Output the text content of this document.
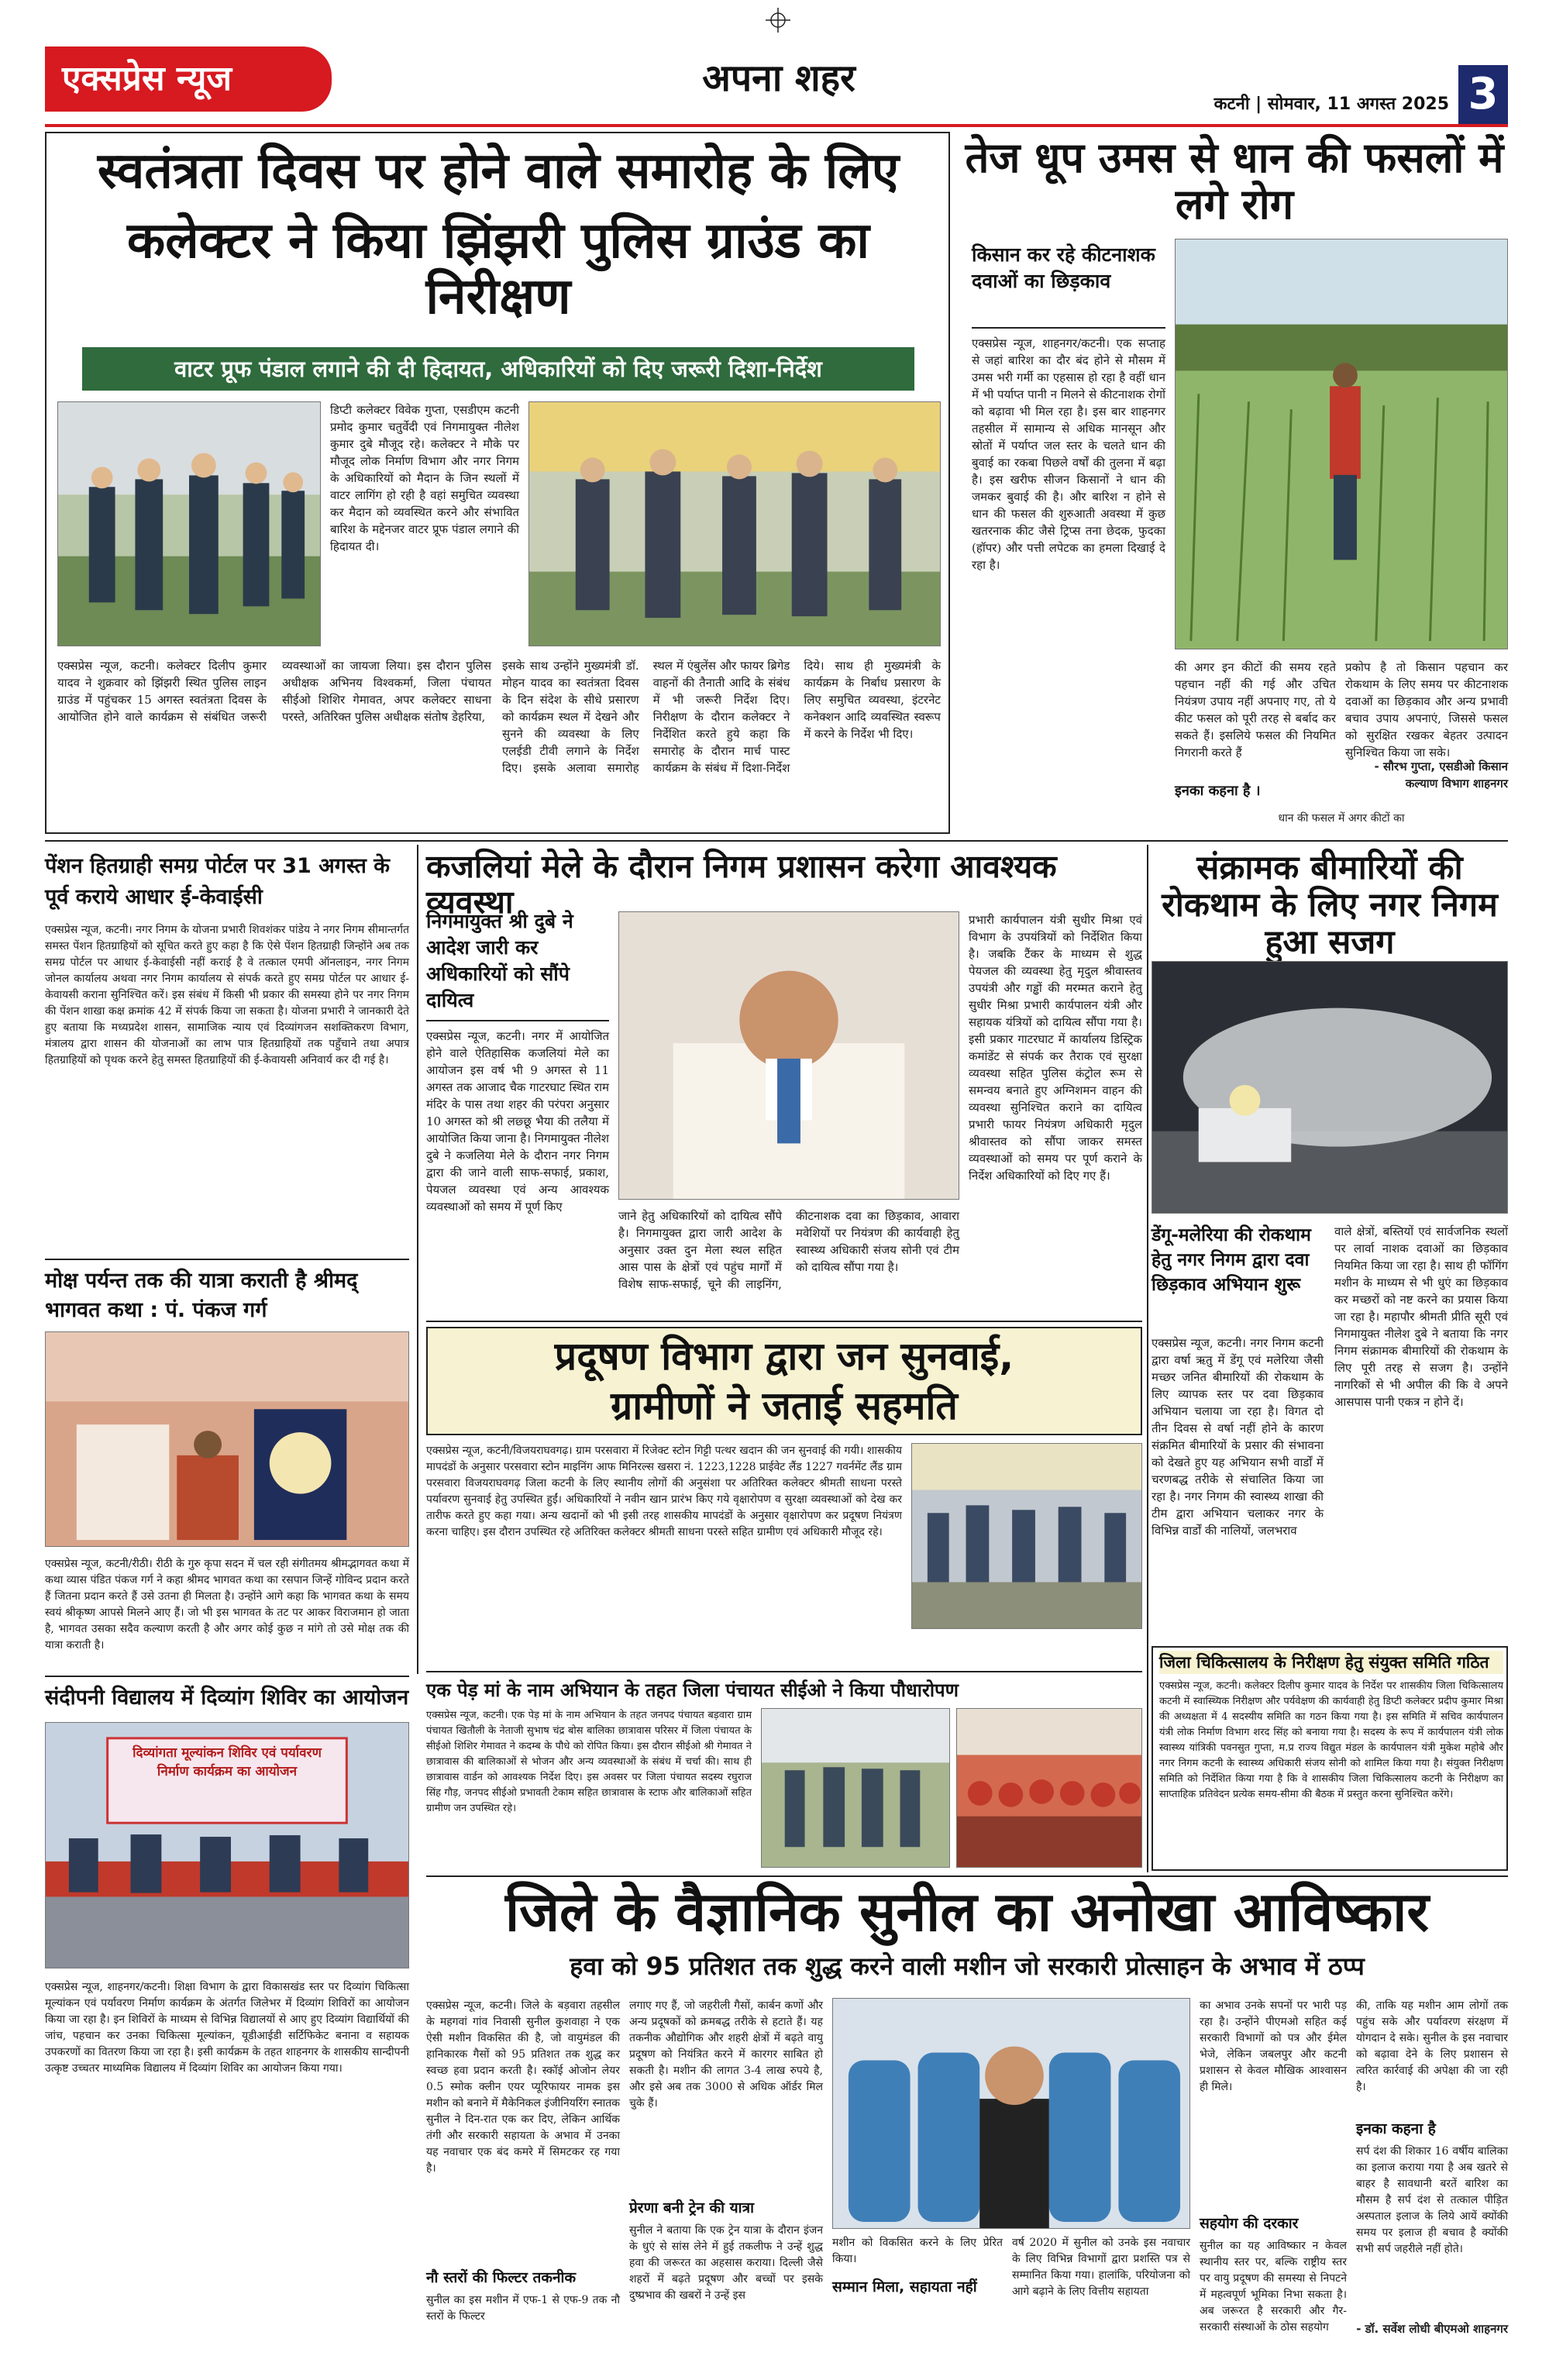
एक्सप्रेस न्यूज	अपना शहर
कटनी | सोमवार, 11 अगस्त 2025 3
स्वतंत्रता दिवस पर होने वाले समारोह के लिए
कलेक्टर ने किया झिंझरी पुलिस ग्राउंड का निरीक्षण
वाटर प्रूफ पंडाल लगाने की दी हिदायत, अधिकारियों को दिए जरूरी दिशा-निर्देश
डिप्टी कलेक्टर विवेक गुप्ता, एसडीएम कटनी प्रमोद कुमार चतुर्वेदी एवं निगमायुक्त नीलेश कुमार दुबे मौजूद रहे। कलेक्टर ने मौके पर मौजूद लोक निर्माण विभाग और नगर निगम के अधिकारियों को मैदान के जिन स्थलों में वाटर लागिंग हो रही है वहां समुचित व्यवस्था कर मैदान को व्यवस्थित करने और संभावित बारिश के मद्देनजर वाटर प्रूफ पंडाल लगाने की हिदायत दी।
एक्सप्रेस न्यूज, कटनी। कलेक्टर दिलीप कुमार यादव ने शुक्रवार को झिंझरी स्थित पुलिस लाइन ग्राउंड में पहुंचकर 15 अगस्त स्वतंत्रता दिवस के आयोजित होने वाले कार्यक्रम से संबंधित जरूरी व्यवस्थाओं का जायजा लिया। इस दौरान पुलिस अधीक्षक अभिनय विश्वकर्मा, जिला पंचायत सीईओ शिशिर गेमावत, अपर कलेक्टर साधना परस्ते, अतिरिक्त पुलिस अधीक्षक संतोष डेहरिया,
इसके साथ उन्होंने मुख्यमंत्री डॉ. मोहन यादव का स्वतंत्रता दिवस के दिन संदेश के सीधे प्रसारण को कार्यक्रम स्थल में देखने और सुनने की व्यवस्था के लिए एलईडी टीवी लगाने के निर्देश दिए। इसके अलावा समारोह स्थल में एंबुलेंस और फायर ब्रिगेड वाहनों की तैनाती आदि के संबंध में भी जरूरी निर्देश दिए। निरीक्षण के दौरान कलेक्टर ने निर्देशित करते हुये कहा कि समारोह के दौरान मार्च पास्ट कार्यक्रम के संबंध में दिशा-निर्देश दिये। साथ ही मुख्यमंत्री के कार्यक्रम के निर्बाध प्रसारण के लिए समुचित व्यवस्था, इंटरनेट कनेक्शन आदि व्यवस्थित स्वरूप में करने के निर्देश भी दिए।
तेज धूप उमस से धान की फसलों में लगे रोग
किसान कर रहे कीटनाशक दवाओं का छिड़काव
एक्सप्रेस न्यूज, शाहनगर/कटनी। एक सप्ताह से जहां बारिश का दौर बंद होने से मौसम में उमस भरी गर्मी का एहसास हो रहा है वहीं धान में भी पर्याप्त पानी न मिलने से कीटनाशक रोगों को बढ़ावा भी मिल रहा है। इस बार शाहनगर तहसील में सामान्य से अधिक मानसून और स्रोतों में पर्याप्त जल स्तर के चलते धान की बुवाई का रकबा पिछले वर्षों की तुलना में बढ़ा है। इस खरीफ सीजन किसानों ने धान की जमकर बुवाई की है। और बारिश न होने से धान की फसल की शुरुआती अवस्था में कुछ खतरनाक कीट जैसे ट्रिप्स तना छेदक, फुदका (हॉपर) और पत्ती लपेटक का हमला दिखाई दे रहा है।
की अगर इन कीटों की समय रहते पहचान नहीं की गई और उचित नियंत्रण उपाय नहीं अपनाए गए, तो ये कीट फसल को पूरी तरह से बर्बाद कर सकते हैं। इसलिये फसल की नियमित निगरानी करते हैं
प्रकोप है तो किसान पहचान कर रोकथाम के लिए समय पर कीटनाशक दवाओं का छिड़काव और अन्य प्रभावी बचाव उपाय अपनाएं, जिससे फसल को सुरक्षित रखकर बेहतर उत्पादन सुनिश्चित किया जा सके।
इनका कहना है ।
- सौरभ गुप्ता, एसडीओ किसान कल्याण विभाग शाहनगर
धान की फसल में अगर कीटों का
पेंशन हितग्राही समग्र पोर्टल पर 31 अगस्त के पूर्व कराये आधार ई-केवाईसी
एक्सप्रेस न्यूज, कटनी। नगर निगम के योजना प्रभारी शिवशंकर पांडेय ने नगर निगम सीमान्तर्गत समस्त पेंशन हितग्राहियों को सूचित करते हुए कहा है कि ऐसे पेंशन हितग्राही जिन्होंने अब तक समग्र पोर्टल पर आधार ई-केवाईसी नहीं कराई है वे तत्काल एमपी ऑनलाइन, नगर निगम जोनल कार्यालय अथवा नगर निगम कार्यालय से संपर्क करते हुए समग्र पोर्टल पर आधार ई-केवायसी कराना सुनिश्चित करें। इस संबंध में किसी भी प्रकार की समस्या होने पर नगर निगम की पेंशन शाखा कक्ष क्रमांक 42 में संपर्क किया जा सकता है। योजना प्रभारी ने जानकारी देते हुए बताया कि मध्यप्रदेश शासन, सामाजिक न्याय एवं दिव्यांगजन सशक्तिकरण विभाग, मंत्रालय द्वारा शासन की योजनाओं का लाभ पात्र हितग्राहियों तक पहुँचाने तथा अपात्र हितग्राहियों को पृथक करने हेतु समस्त हितग्राहियों की ई-केवायसी अनिवार्य कर दी गई है।
मोक्ष पर्यन्त तक की यात्रा कराती है श्रीमद् भागवत कथा : पं. पंकज गर्ग
एक्सप्रेस न्यूज, कटनी/रीठी। रीठी के गुरु कृपा सदन में चल रही संगीतमय श्रीमद्भागवत कथा में कथा व्यास पंडित पंकज गर्ग ने कहा श्रीमद भागवत कथा का रसपान जिन्हें गोविन्द प्रदान करते हैं जितना प्रदान करते हैं उसे उतना ही मिलता है। उन्होंने आगे कहा कि भागवत कथा के समय स्वयं श्रीकृष्ण आपसे मिलने आए हैं। जो भी इस भागवत के तट पर आकर विराजमान हो जाता है, भागवत उसका सदैव कल्याण करती है और अगर कोई कुछ न मांगे तो उसे मोक्ष तक की यात्रा कराती है।
संदीपनी विद्यालय में दिव्यांग शिविर का आयोजन
दिव्यांगता मूल्यांकन शिविर एवं पर्यावरण निर्माण कार्यक्रम का आयोजन
एक्सप्रेस न्यूज, शाहनगर/कटनी। शिक्षा विभाग के द्वारा विकासखंड स्तर पर दिव्यांग चिकित्सा मूल्यांकन एवं पर्यावरण निर्माण कार्यक्रम के अंतर्गत जिलेभर में दिव्यांग शिविरों का आयोजन किया जा रहा है। इन शिविरों के माध्यम से विभिन्न विद्यालयों से आए हुए दिव्यांग विद्यार्थियों की जांच, पहचान कर उनका चिकित्सा मूल्यांकन, यूडीआईडी सर्टिफिकेट बनाना व सहायक उपकरणों का वितरण किया जा रहा है। इसी कार्यक्रम के तहत शाहनगर के शासकीय सान्दीपनी उत्कृष्ट उच्चतर माध्यमिक विद्यालय में दिव्यांग शिविर का आयोजन किया गया।
कजलियां मेले के दौरान निगम प्रशासन करेगा आवश्यक व्यवस्था
निगमायुक्त श्री दुबे ने आदेश जारी कर अधिकारियों को सौंपे दायित्व
एक्सप्रेस न्यूज, कटनी। नगर में आयोजित होने वाले ऐतिहासिक कजलियां मेले का आयोजन इस वर्ष भी 9 अगस्त से 11 अगस्त तक आजाद चैक गाटरघाट स्थित राम मंदिर के पास तथा शहर की परंपरा अनुसार 10 अगस्त को श्री लछ्छू भैया की तलैया में आयोजित किया जाना है। निगमायुक्त नीलेश दुबे ने कजलिया मेले के दौरान नगर निगम द्वारा की जाने वाली साफ-सफाई, प्रकाश, पेयजल व्यवस्था एवं अन्य आवश्यक व्यवस्थाओं को समय में पूर्ण किए
जाने हेतु अधिकारियों को दायित्व सौंपे है। निगमायुक्त द्वारा जारी आदेश के अनुसार उक्त दुन मेला स्थल सहित आस पास के क्षेत्रों एवं पहुंच मार्गों में विशेष साफ-सफाई, चूने की लाइनिंग, कीटनाशक दवा का छिड़काव, आवारा मवेशियों पर नियंत्रण की कार्यवाही हेतु स्वास्थ्य अधिकारी संजय सोनी एवं टीम को दायित्व सौंपा गया है।
प्रभारी कार्यपालन यंत्री सुधीर मिश्रा एवं विभाग के उपयंत्रियों को निर्देशित किया है। जबकि टैंकर के माध्यम से शुद्ध पेयजल की व्यवस्था हेतु मृदुल श्रीवास्तव उपयंत्री और गड्ढों की मरम्मत कराने हेतु सुधीर मिश्रा प्रभारी कार्यपालन यंत्री और सहायक यंत्रियों को दायित्व सौंपा गया है। इसी प्रकार गाटरघाट में कार्यालय डिस्ट्रिक कमांडेंट से संपर्क कर तैराक एवं सुरक्षा व्यवस्था सहित पुलिस कंट्रोल रूम से समन्वय बनाते हुए अग्निशमन वाहन की व्यवस्था सुनिश्चित कराने का दायित्व प्रभारी फायर नियंत्रण अधिकारी मृदुल श्रीवास्तव को सौंपा जाकर समस्त व्यवस्थाओं को समय पर पूर्ण कराने के निर्देश अधिकारियों को दिए गए हैं।
प्रदूषण विभाग द्वारा जन सुनवाई,
ग्रामीणों ने जताई सहमति
एक्सप्रेस न्यूज, कटनी/विजयराघवगढ़। ग्राम परसवारा में रिजेक्ट स्टोन गिट्टी पत्थर खदान की जन सुनवाई की गयी। शासकीय मापदंडों के अनुसार परसवारा स्टोन माइनिंग आफ मिनिरल्स खसरा नं. 1223,1228 प्राईवेट लैंड 1227 गवर्नमेंट लैंड ग्राम परसवारा विजयराघवगढ़ जिला कटनी के लिए स्थानीय लोगों की अनुसंशा पर अतिरिक्त कलेक्टर श्रीमती साधना परस्ते पर्यावरण सुनवाई हेतु उपस्थित हुईं। अधिकारियों ने नवीन खान प्रारंभ किए गये वृक्षारोपण व सुरक्षा व्यवस्थाओं को देख कर तारीफ करते हुए कहा गया। अन्य खदानों को भी इसी तरह शासकीय मापदंडों के अनुसार वृक्षारोपण कर प्रदूषण नियंत्रण करना चाहिए। इस दौरान उपस्थित रहे अतिरिक्त कलेक्टर श्रीमती साधना परस्ते सहित ग्रामीण एवं अधिकारी मौजूद रहे।
संक्रामक बीमारियों की रोकथाम के लिए नगर निगम हुआ सजग
डेंगू-मलेरिया की रोकथाम हेतु नगर निगम द्वारा दवा छिड़काव अभियान शुरू
एक्सप्रेस न्यूज, कटनी। नगर निगम कटनी द्वारा वर्षा ऋतु में डेंगू एवं मलेरिया जैसी मच्छर जनित बीमारियों की रोकथाम के लिए व्यापक स्तर पर दवा छिड़काव अभियान चलाया जा रहा है। विगत दो तीन दिवस से वर्षा नहीं होने के कारण संक्रमित बीमारियों के प्रसार की संभावना को देखते हुए यह अभियान सभी वार्डों में चरणबद्ध तरीके से संचालित किया जा रहा है। नगर निगम की स्वास्थ्य शाखा की टीम द्वारा अभियान चलाकर नगर के विभिन्न वार्डों की नालियों, जलभराव
वाले क्षेत्रों, बस्तियों एवं सार्वजनिक स्थलों पर लार्वा नाशक दवाओं का छिड़काव नियमित किया जा रहा है। साथ ही फॉगिंग मशीन के माध्यम से भी धुएं का छिड़काव कर मच्छरों को नष्ट करने का प्रयास किया जा रहा है। महापौर श्रीमती प्रीति सूरी एवं निगमायुक्त नीलेश दुबे ने बताया कि नगर निगम संक्रामक बीमारियों की रोकथाम के लिए पूरी तरह से सजग है। उन्होंने नागरिकों से भी अपील की कि वे अपने आसपास पानी एकत्र न होने दें।
जिला चिकित्सालय के निरीक्षण हेतु संयुक्त समिति गठित
एक्सप्रेस न्यूज, कटनी। कलेक्टर दिलीप कुमार यादव के निर्देश पर शासकीय जिला चिकित्सालय कटनी में स्वास्थ्यिक निरीक्षण और पर्यवेक्षण की कार्यवाही हेतु डिप्टी कलेक्टर प्रदीप कुमार मिश्रा की अध्यक्षता में 4 सदस्यीय समिति का गठन किया गया है। इस समिति में सचिव कार्यपालन यंत्री लोक निर्माण विभाग शरद सिंह को बनाया गया है। सदस्य के रूप में कार्यपालन यंत्री लोक स्वास्थ्य यांत्रिकी पवनसुत गुप्ता, म.प्र राज्य विद्युत मंडल के कार्यपालन यंत्री मुकेश महोबे और नगर निगम कटनी के स्वास्थ्य अधिकारी संजय सोनी को शामिल किया गया है। संयुक्त निरीक्षण समिति को निर्देशित किया गया है कि वे शासकीय जिला चिकित्सालय कटनी के निरीक्षण का साप्ताहिक प्रतिवेदन प्रत्येक समय-सीमा की बैठक में प्रस्तुत करना सुनिश्चित करेंगे।
एक पेड़ मां के नाम अभियान के तहत जिला पंचायत सीईओ ने किया पौधारोपण
एक्सप्रेस न्यूज, कटनी। एक पेड़ मां के नाम अभियान के तहत जनपद पंचायत बड़वारा ग्राम पंचायत खितौली के नेताजी सुभाष चंद्र बोस बालिका छात्रावास परिसर में जिला पंचायत के सीईओ शिशिर गेमावत ने कदम्ब के पौधे को रोपित किया। इस दौरान सीईओ श्री गेमावत ने छात्रावास की बालिकाओं से भोजन और अन्य व्यवस्थाओं के संबंध में चर्चा की। साथ ही छात्रावास वार्डन को आवश्यक निर्देश दिए। इस अवसर पर जिला पंचायत सदस्य रघुराज सिंह गौड़, जनपद सीईओ प्रभावती टेकाम सहित छात्रावास के स्टाफ और बालिकाओं सहित ग्रामीण जन उपस्थित रहे।
जिले के वैज्ञानिक सुनील का अनोखा आविष्कार
हवा को 95 प्रतिशत तक शुद्ध करने वाली मशीन जो सरकारी प्रोत्साहन के अभाव में ठप्प
एक्सप्रेस न्यूज, कटनी। जिले के बड़वारा तहसील के महगवां गांव निवासी सुनील कुशवाहा ने एक ऐसी मशीन विकसित की है, जो वायुमंडल की हानिकारक गैसों को 95 प्रतिशत तक शुद्ध कर स्वच्छ हवा प्रदान करती है। स्कॉई ओजोन लेयर 0.5 स्मोक क्लीन एयर प्यूरिफायर नामक इस मशीन को बनाने में मैकेनिकल इंजीनियरिंग स्नातक सुनील ने दिन-रात एक कर दिए, लेकिन आर्थिक तंगी और सरकारी सहायता के अभाव में उनका यह नवाचार एक बंद कमरे में सिमटकर रह गया है।
नौ स्तरों की फिल्टर तकनीक
सुनील का इस मशीन में एफ-1 से एफ-9 तक नौ स्तरों के फिल्टर
लगाए गए हैं, जो जहरीली गैसों, कार्बन कणों और अन्य प्रदूषकों को क्रमबद्ध तरीके से हटाते हैं। यह तकनीक औद्योगिक और शहरी क्षेत्रों में बढ़ते वायु प्रदूषण को नियंत्रित करने में कारगर साबित हो सकती है। मशीन की लागत 3-4 लाख रुपये है, और इसे अब तक 3000 से अधिक ऑर्डर मिल चुके हैं।
प्रेरणा बनी ट्रेन की यात्रा
सुनील ने बताया कि एक ट्रेन यात्रा के दौरान इंजन के धुएं से सांस लेने में हुई तकलीफ ने उन्हें शुद्ध हवा की जरूरत का अहसास कराया। दिल्ली जैसे शहरों में बढ़ते प्रदूषण और बच्चों पर इसके दुष्प्रभाव की खबरों ने उन्हें इस
मशीन को विकसित करने के लिए प्रेरित किया।
सम्मान मिला, सहायता नहीं
वर्ष 2020 में सुनील को उनके इस नवाचार के लिए विभिन्न विभागों द्वारा प्रशस्ति पत्र से सम्मानित किया गया। हालांकि, परियोजना को आगे बढ़ाने के लिए वित्तीय सहायता
का अभाव उनके सपनों पर भारी पड़ रहा है। उन्होंने पीएमओ सहित कई सरकारी विभागों को पत्र और ईमेल भेजे, लेकिन जबलपुर और कटनी प्रशासन से केवल मौखिक आश्वासन ही मिले।
सहयोग की दरकार
सुनील का यह आविष्कार न केवल स्थानीय स्तर पर, बल्कि राष्ट्रीय स्तर पर वायु प्रदूषण की समस्या से निपटने में महत्वपूर्ण भूमिका निभा सकता है। अब जरूरत है सरकारी और गैर-सरकारी संस्थाओं के ठोस सहयोग
की, ताकि यह मशीन आम लोगों तक पहुंच सके और पर्यावरण संरक्षण में योगदान दे सके। सुनील के इस नवाचार को बढ़ावा देने के लिए प्रशासन से त्वरित कार्रवाई की अपेक्षा की जा रही है।
इनका कहना है
सर्प दंश की शिकार 16 वर्षीय बालिका का इलाज कराया गया है अब खतरे से बाहर है सावधानी बरतें बारिश का मौसम है सर्प दंश से तत्काल पीड़ित अस्पताल इलाज के लिये आयें क्योंकी समय पर इलाज ही बचाव है क्योंकी सभी सर्प जहरीले नहीं होते।
- डॉ. सर्वेश लोधी बीएमओ शाहनगर
